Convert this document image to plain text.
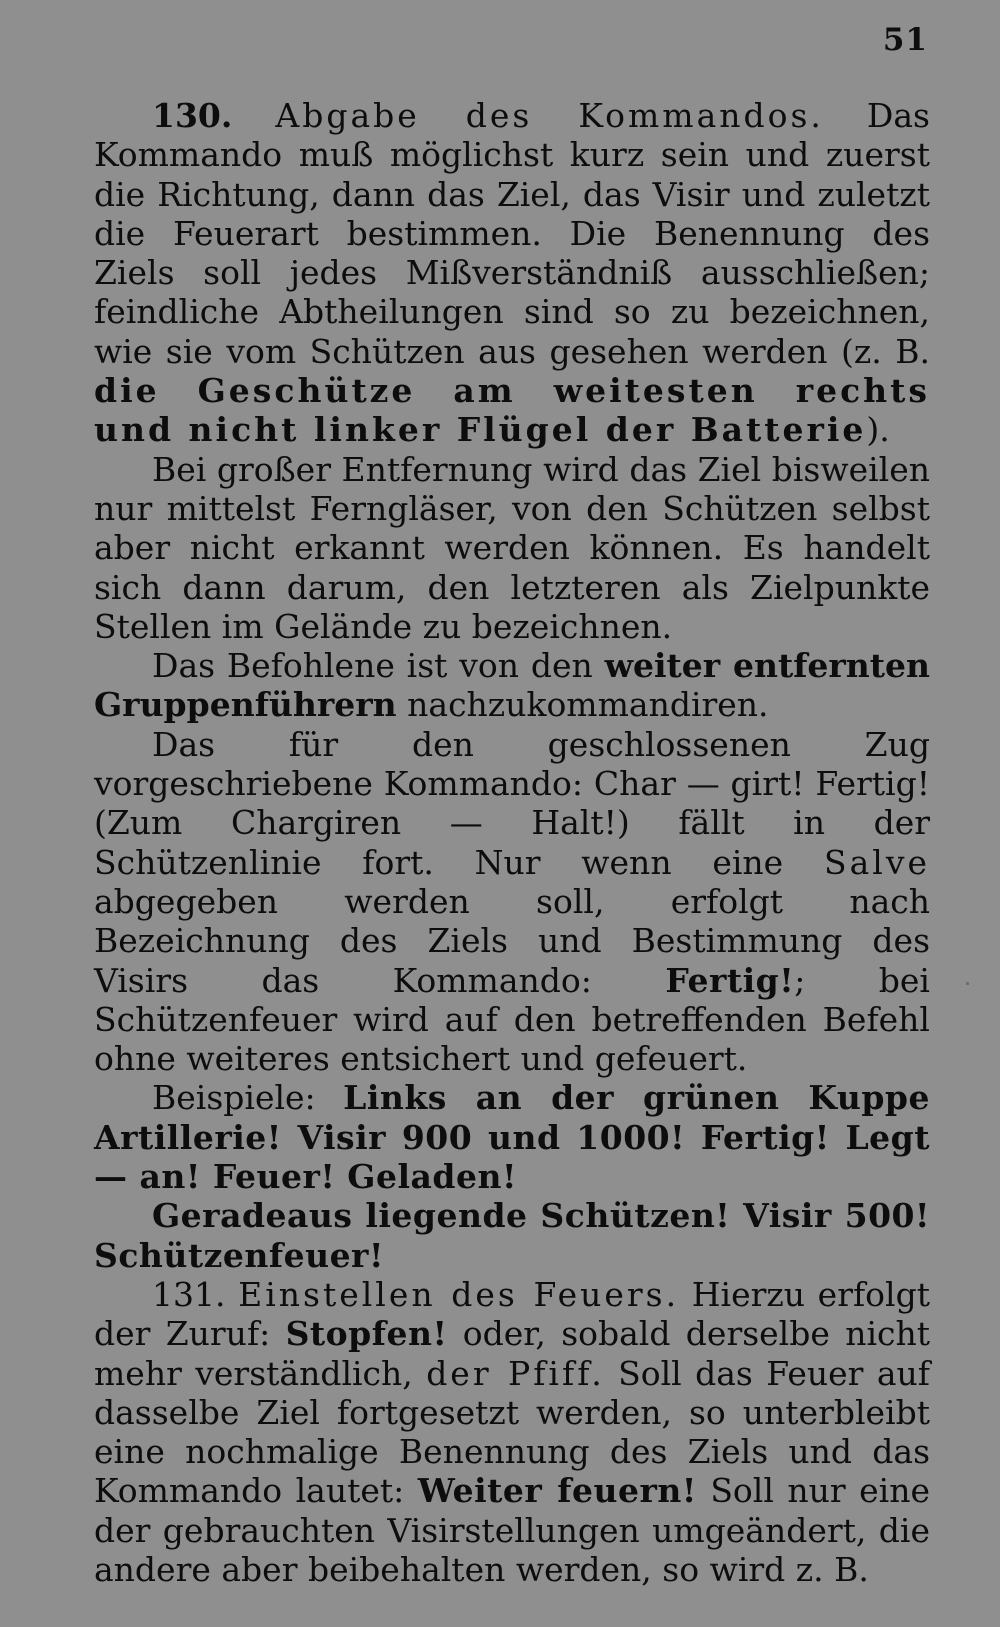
51

130. Abgabe des Kommandos. Das Kommando muß möglichst kurz sein und zuerst die Richtung, dann das Ziel, das Visir und zuletzt die Feuerart bestimmen. Die Benennung des Ziels soll jedes Mißverständniß ausschließen; feindliche Abtheilungen sind so zu bezeichnen, wie sie vom Schützen aus gesehen werden (z. B. die Geschütze am weitesten rechts und nicht linker Flügel der Batterie).

Bei großer Entfernung wird das Ziel bisweilen nur mittelst Ferngläser, von den Schützen selbst aber nicht erkannt werden können. Es handelt sich dann darum, den letzteren als Zielpunkte Stellen im Gelände zu bezeichnen.

Das Befohlene ist von den weiter entfernten Gruppenführern nachzukommandiren.

Das für den geschlossenen Zug vorgeschriebene Kommando: Char — girt! Fertig! (Zum Chargiren — Halt!) fällt in der Schützenlinie fort. Nur wenn eine Salve abgegeben werden soll, erfolgt nach Bezeichnung des Ziels und Bestimmung des Visirs das Kommando: Fertig!; bei Schützenfeuer wird auf den betreffenden Befehl ohne weiteres entsichert und gefeuert.

Beispiele: Links an der grünen Kuppe Artillerie! Visir 900 und 1000! Fertig! Legt — an! Feuer! Geladen!

Geradeaus liegende Schützen! Visir 500! Schützenfeuer!

131. Einstellen des Feuers. Hierzu erfolgt der Zuruf: Stopfen! oder, sobald derselbe nicht mehr verständlich, der Pfiff. Soll das Feuer auf dasselbe Ziel fortgesetzt werden, so unterbleibt eine nochmalige Benennung des Ziels und das Kommando lautet: Weiter feuern! Soll nur eine der gebrauchten Visirstellungen umgeändert, die andere aber beibehalten werden, so wird z. B.
